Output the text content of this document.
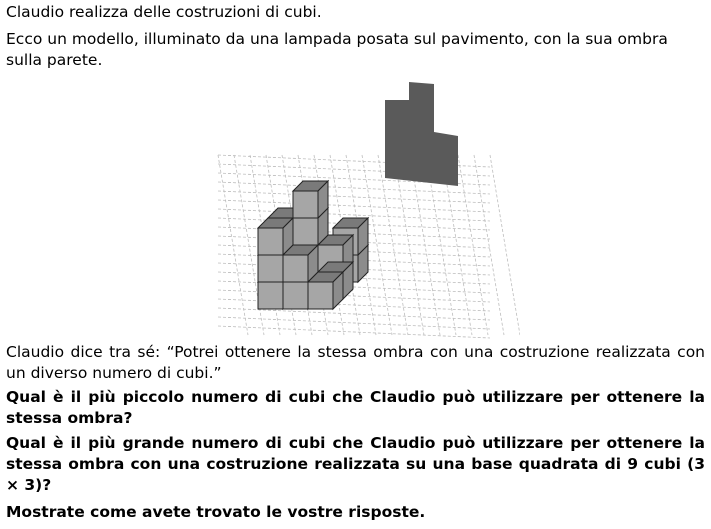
Claudio realizza delle costruzioni di cubi.

Ecco un modello, illuminato da una lampada posata sul pavimento, con la sua ombra sulla parete.

Claudio dice tra sé: “Potrei ottenere la stessa ombra con una costruzione realizzata con un diverso numero di cubi.”

Qual è il più piccolo numero di cubi che Claudio può utilizzare per ottenere la stessa ombra?

Qual è il più grande numero di cubi che Claudio può utilizzare per ottenere la stessa ombra con una costruzione realizzata su una base quadrata di 9 cubi (3 × 3)?

Mostrate come avete trovato le vostre risposte.
